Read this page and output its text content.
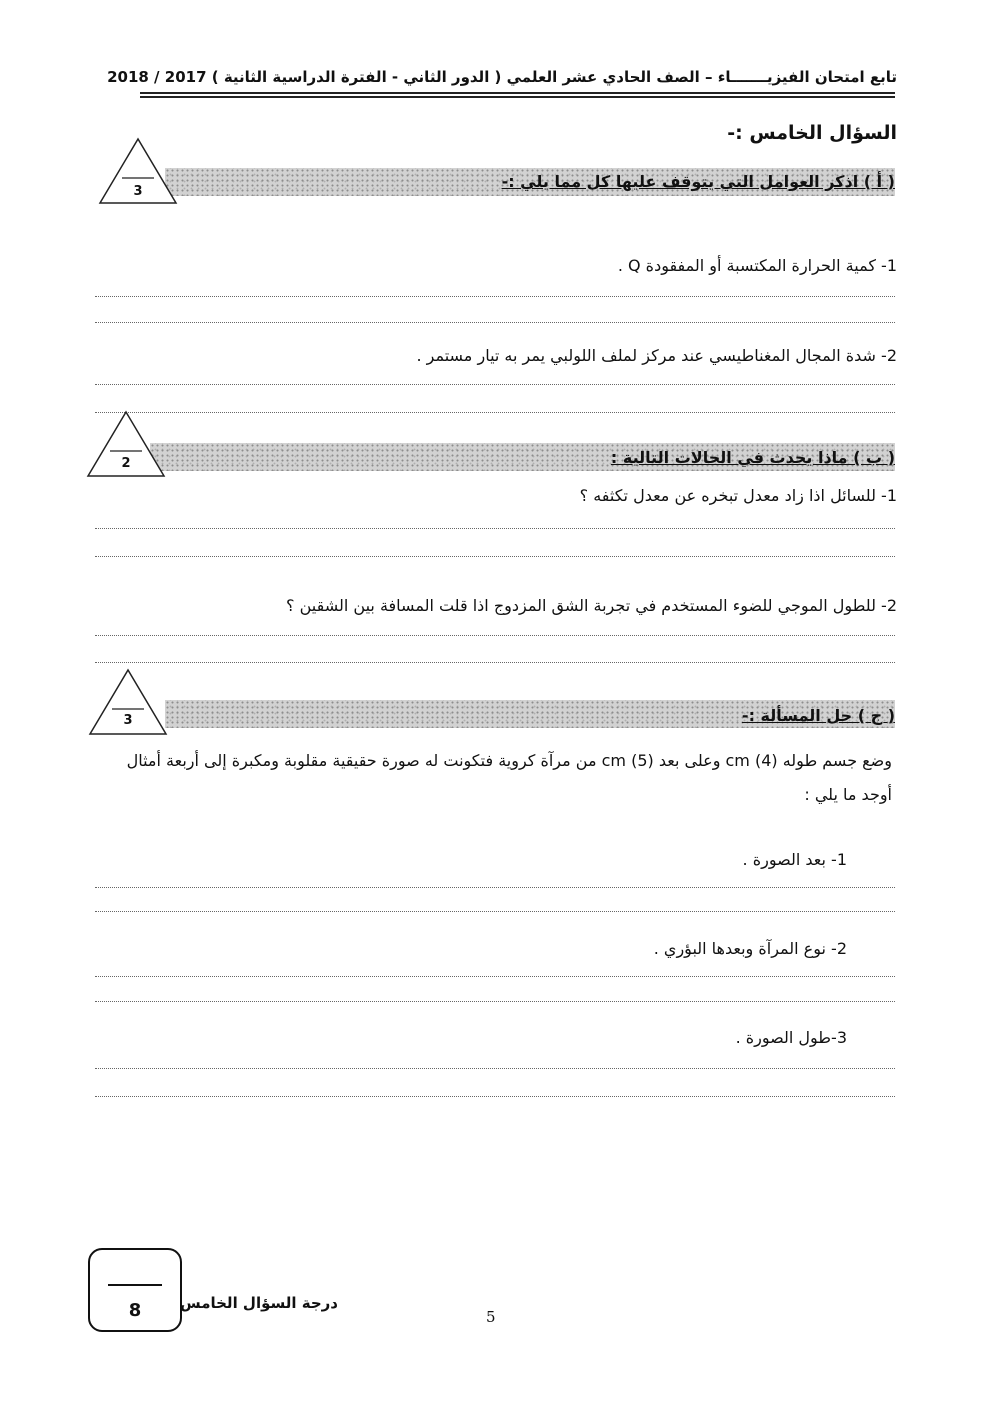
تابع امتحان الفيزيـــــــاء – الصف الحادي عشر العلمي ( الدور الثاني - الفترة الدراسية الثانية ) 2017 / 2018
السؤال الخامس :-
( أ ) اذكر العوامل التي يتوقف عليها كل مما يلي :-
3
1- كمية الحرارة المكتسبة أو المفقودة Q .
2- شدة المجال المغناطيسي عند مركز لملف اللولبي يمر به تيار مستمر .
( ب ) ماذا يحدث في الحالات التالية :
2
1- للسائل اذا زاد معدل تبخره عن معدل تكثفه ؟
2- للطول الموجي للضوء المستخدم في تجربة الشق المزدوج اذا قلت المسافة بين الشقين ؟
( ج ) حل المسألة :-
3
وضع جسم طوله cm (4) وعلى بعد cm (5) من مرآة كروية فتكونت له صورة حقيقية مقلوبة ومكبرة إلى أربعة أمثال أوجد ما يلي :
1- بعد الصورة .
2- نوع المرآة وبعدها البؤري .
3-طول الصورة .
8	درجة السؤال الخامس
5
